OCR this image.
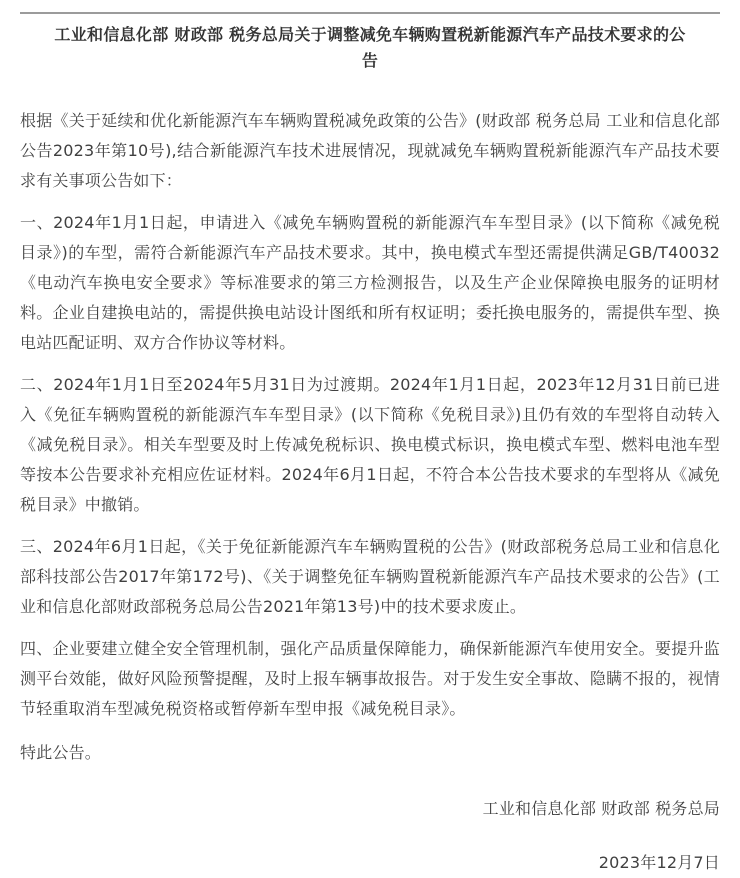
工业和信息化部 财政部 税务总局关于调整减免车辆购置税新能源汽车产品技术要求的公告

根据《关于延续和优化新能源汽车车辆购置税减免政策的公告》(财政部 税务总局 工业和信息化部公告2023年第10号),结合新能源汽车技术进展情况，现就减免车辆购置税新能源汽车产品技术要求有关事项公告如下：

一、2024年1月1日起，申请进入《减免车辆购置税的新能源汽车车型目录》(以下简称《减免税目录》)的车型，需符合新能源汽车产品技术要求。其中，换电模式车型还需提供满足GB/T40032《电动汽车换电安全要求》等标准要求的第三方检测报告，以及生产企业保障换电服务的证明材料。企业自建换电站的，需提供换电站设计图纸和所有权证明；委托换电服务的，需提供车型、换电站匹配证明、双方合作协议等材料。

二、2024年1月1日至2024年5月31日为过渡期。2024年1月1日起，2023年12月31日前已进入《免征车辆购置税的新能源汽车车型目录》(以下简称《免税目录》)且仍有效的车型将自动转入《减免税目录》。相关车型要及时上传减免税标识、换电模式标识，换电模式车型、燃料电池车型等按本公告要求补充相应佐证材料。2024年6月1日起，不符合本公告技术要求的车型将从《减免税目录》中撤销。

三、2024年6月1日起，《关于免征新能源汽车车辆购置税的公告》(财政部税务总局工业和信息化部科技部公告2017年第172号)、《关于调整免征车辆购置税新能源汽车产品技术要求的公告》(工业和信息化部财政部税务总局公告2021年第13号)中的技术要求废止。

四、企业要建立健全安全管理机制，强化产品质量保障能力，确保新能源汽车使用安全。要提升监测平台效能，做好风险预警提醒，及时上报车辆事故报告。对于发生安全事故、隐瞒不报的，视情节轻重取消车型减免税资格或暂停新车型申报《减免税目录》。

特此公告。

工业和信息化部 财政部 税务总局

2023年12月7日
